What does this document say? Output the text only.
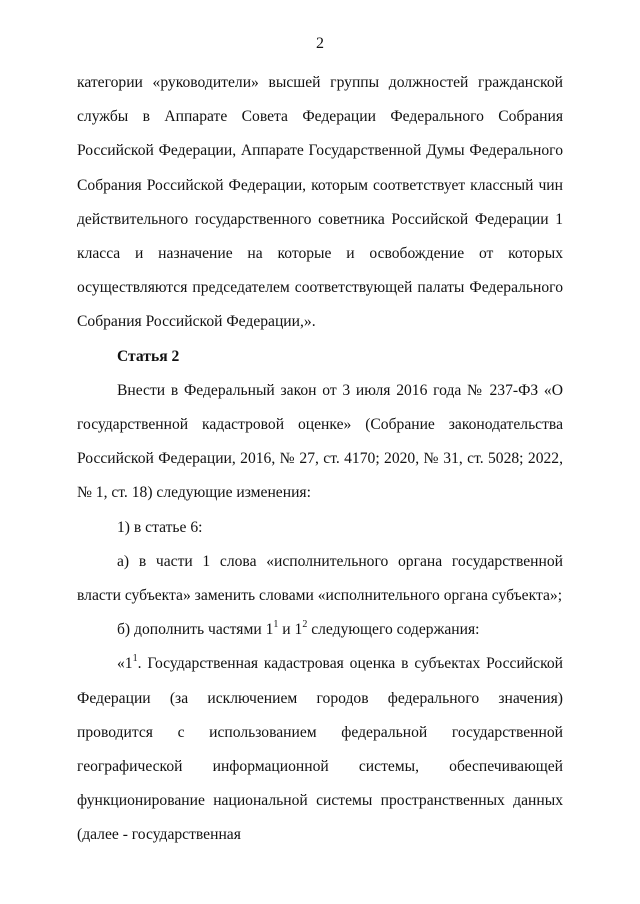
2

категории «руководители» высшей группы должностей гражданской службы в Аппарате Совета Федерации Федерального Собрания Российской Федерации, Аппарате Государственной Думы Федерального Собрания Российской Федерации, которым соответствует классный чин действительного государственного советника Российской Федерации 1 класса и назначение на которые и освобождение от которых осуществляются председателем соответствующей палаты Федерального Собрания Российской Федерации,».

Статья 2

Внести в Федеральный закон от 3 июля 2016 года № 237-ФЗ «О государственной кадастровой оценке» (Собрание законодательства Российской Федерации, 2016, № 27, ст. 4170; 2020, № 31, ст. 5028; 2022, № 1, ст. 18) следующие изменения:

1) в статье 6:

а) в части 1 слова «исполнительного органа государственной власти субъекта» заменить словами «исполнительного органа субъекта»;

б) дополнить частями $1^1$ и $1^2$ следующего содержания:

«$1^1$. Государственная кадастровая оценка в субъектах Российской Федерации (за исключением городов федерального значения) проводится с использованием федеральной государственной географической информационной системы, обеспечивающей функционирование национальной системы пространственных данных (далее - государственная
